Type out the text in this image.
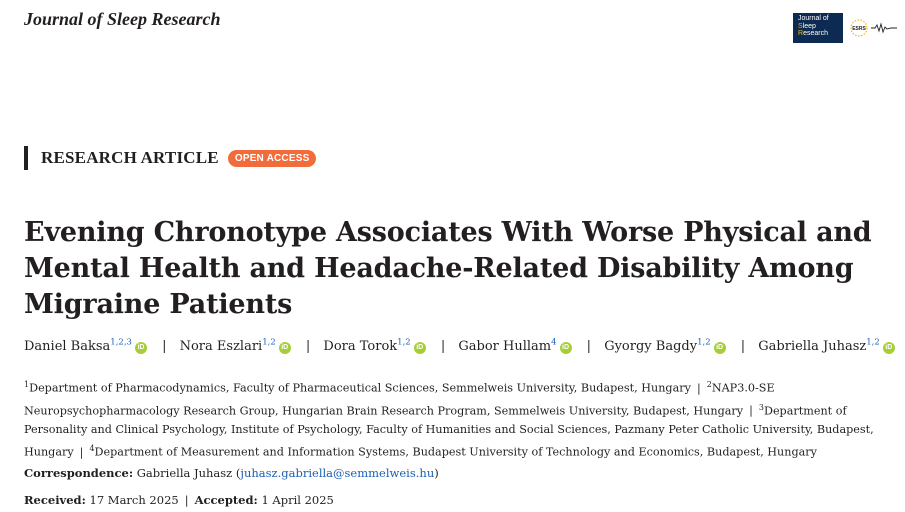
Journal of Sleep Research	Journal of
Sleep
Research
ESRS
RESEARCH ARTICLE	OPEN ACCESS
Evening Chronotype Associates With Worse Physical and Mental Health and Headache-Related Disability Among Migraine Patients
Daniel Baksa$^{1,2,3}$ iD | Nora Eszlari$^{1,2}$ iD | Dora Torok$^{1,2}$ iD | Gabor Hullam$^4$ iD | Gyorgy Bagdy$^{1,2}$ iD | Gabriella Juhasz$^{1,2}$ iD
$^1$Department of Pharmacodynamics, Faculty of Pharmaceutical Sciences, Semmelweis University, Budapest, Hungary | $^2$NAP3.0-SE Neuropsychopharmacology Research Group, Hungarian Brain Research Program, Semmelweis University, Budapest, Hungary | $^3$Department of Personality and Clinical Psychology, Institute of Psychology, Faculty of Humanities and Social Sciences, Pazmany Peter Catholic University, Budapest, Hungary | $^4$Department of Measurement and Information Systems, Budapest University of Technology and Economics, Budapest, Hungary
Correspondence: Gabriella Juhasz (juhasz.gabriella@semmelweis.hu)
Received: 17 March 2025 | Accepted: 1 April 2025
